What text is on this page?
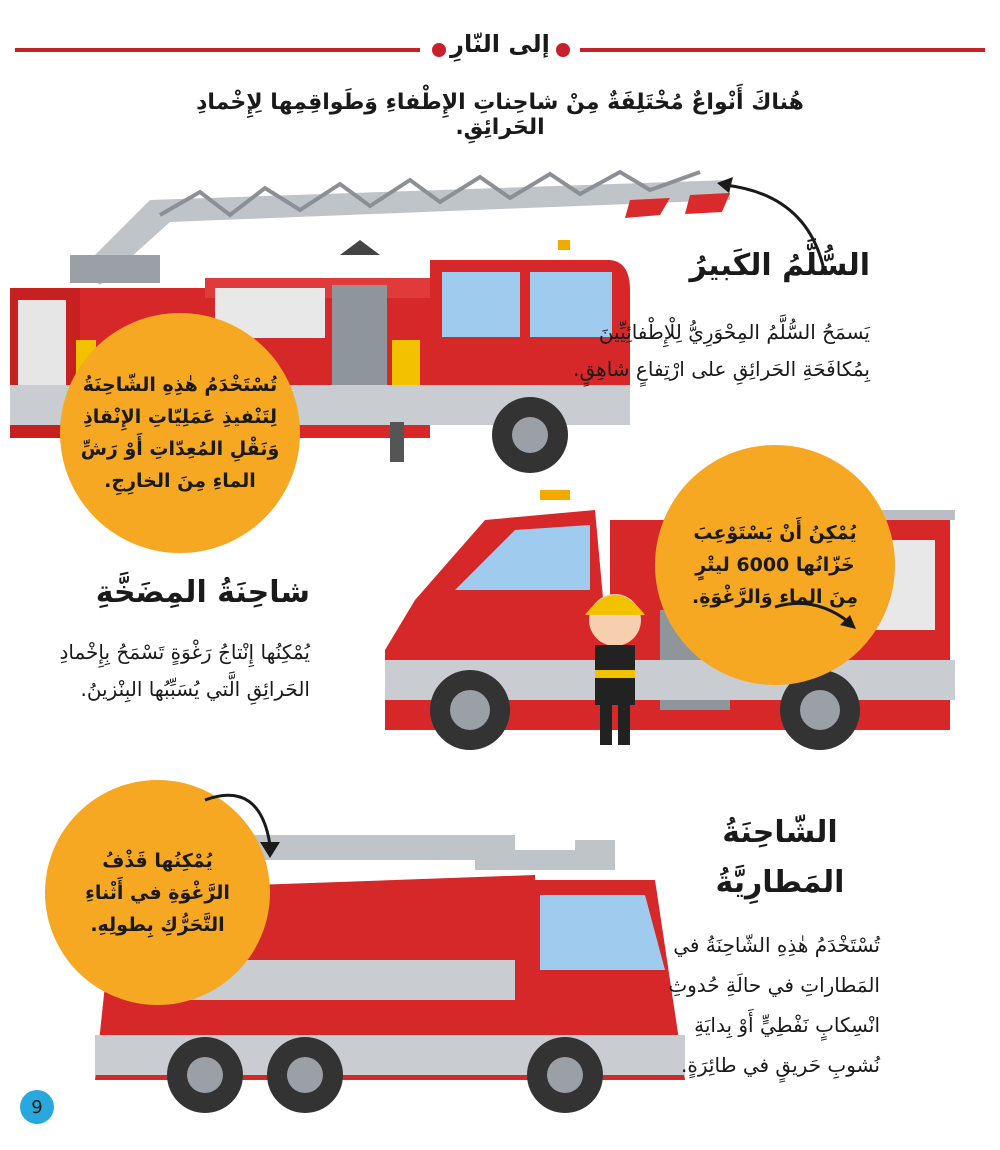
إلى النّارِ
هُناكَ أَنْواعٌ مُخْتَلِفَةٌ مِنْ شاحِناتِ الإِطْفاءِ وَطَواقِمِها لِإِخْمادِ الحَرائِقِ.
السُّلَّمُ الكَبيرُ
يَسمَحُ السُّلَّمُ المِحْوَرِيُّ لِلْإِطْفائِيِّينَ
بِمُكافَحَةِ الحَرائِقِ على ارْتِفاعٍ شاهِقٍ.
تُسْتَخْدَمُ هٰذِهِ الشّاحِنَةُ
لِتَنْفيذِ عَمَلِيّاتِ الإِنْقاذِ
وَنَقْلِ المُعِدّاتِ أَوْ رَشِّ
الماءِ مِنَ الخارِجِ.
يُمْكِنُ أَنْ يَسْتَوْعِبَ
خَزّانُها 6000 ليتْرٍ
مِنَ الماءِ وَالرَّغْوَةِ.
شاحِنَةُ المِضَخَّةِ
يُمْكِنُها إِنْتاجُ رَغْوَةٍ تَسْمَحُ بِإِخْمادِ
الحَرائِقِ الَّتي يُسَبِّبُها البِنْزينُ.
يُمْكِنُها قَذْفُ
الرَّغْوَةِ في أَثْناءِ
التَّحَرُّكِ بِطولِهِ.
الشّاحِنَةُ
المَطارِيَّةُ
تُسْتَخْدَمُ هٰذِهِ الشّاحِنَةُ في
المَطاراتِ في حالَةِ حُدوثِ
انْسِكابٍ نَفْطِيٍّ أَوْ بِدايَةِ
نُشوبِ حَريقٍ في طائِرَةٍ.
9
